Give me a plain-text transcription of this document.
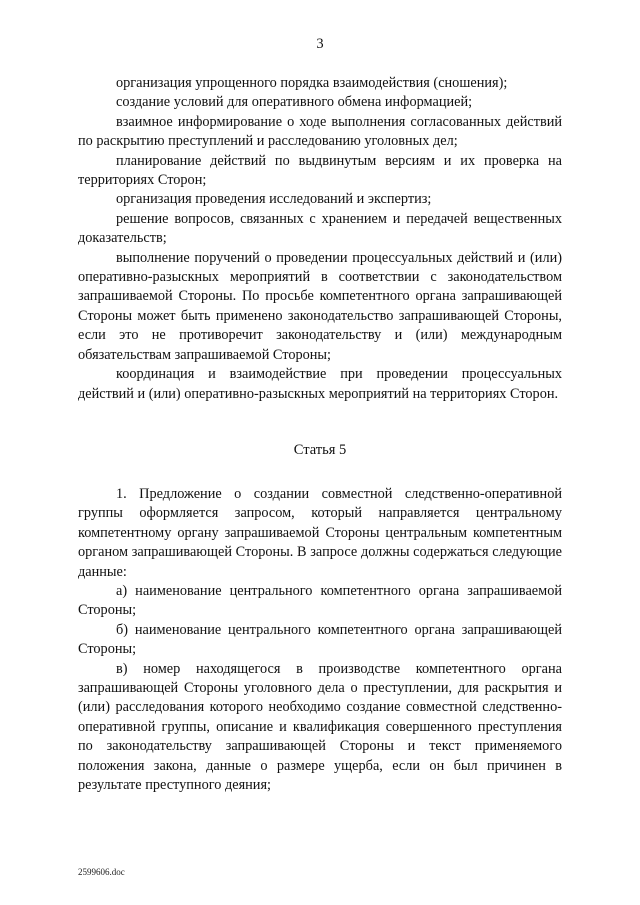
3

организация упрощенного порядка взаимодействия (сношения);

создание условий для оперативного обмена информацией;

взаимное информирование о ходе выполнения согласованных действий по раскрытию преступлений и расследованию уголовных дел;

планирование действий по выдвинутым версиям и их проверка на территориях Сторон;

организация проведения исследований и экспертиз;

решение вопросов, связанных с хранением и передачей вещественных доказательств;

выполнение поручений о проведении процессуальных действий и (или) оперативно-разыскных мероприятий в соответствии с законодательством запрашиваемой Стороны. По просьбе компетентного органа запрашивающей Стороны может быть применено законодательство запрашивающей Стороны, если это не противоречит законодательству и (или) международным обязательствам запрашиваемой Стороны;

координация и взаимодействие при проведении процессуальных действий и (или) оперативно-разыскных мероприятий на территориях Сторон.

Статья 5

1. Предложение о создании совместной следственно-оперативной группы оформляется запросом, который направляется центральному компетентному органу запрашиваемой Стороны центральным компетентным органом запрашивающей Стороны. В запросе должны содержаться следующие данные:

а) наименование центрального компетентного органа запрашиваемой Стороны;

б) наименование центрального компетентного органа запрашивающей Стороны;

в) номер находящегося в производстве компетентного органа запрашивающей Стороны уголовного дела о преступлении, для раскрытия и (или) расследования которого необходимо создание совместной следственно-оперативной группы, описание и квалификация совершенного преступления по законодательству запрашивающей Стороны и текст применяемого положения закона, данные о размере ущерба, если он был причинен в результате преступного деяния;

2599606.doc
